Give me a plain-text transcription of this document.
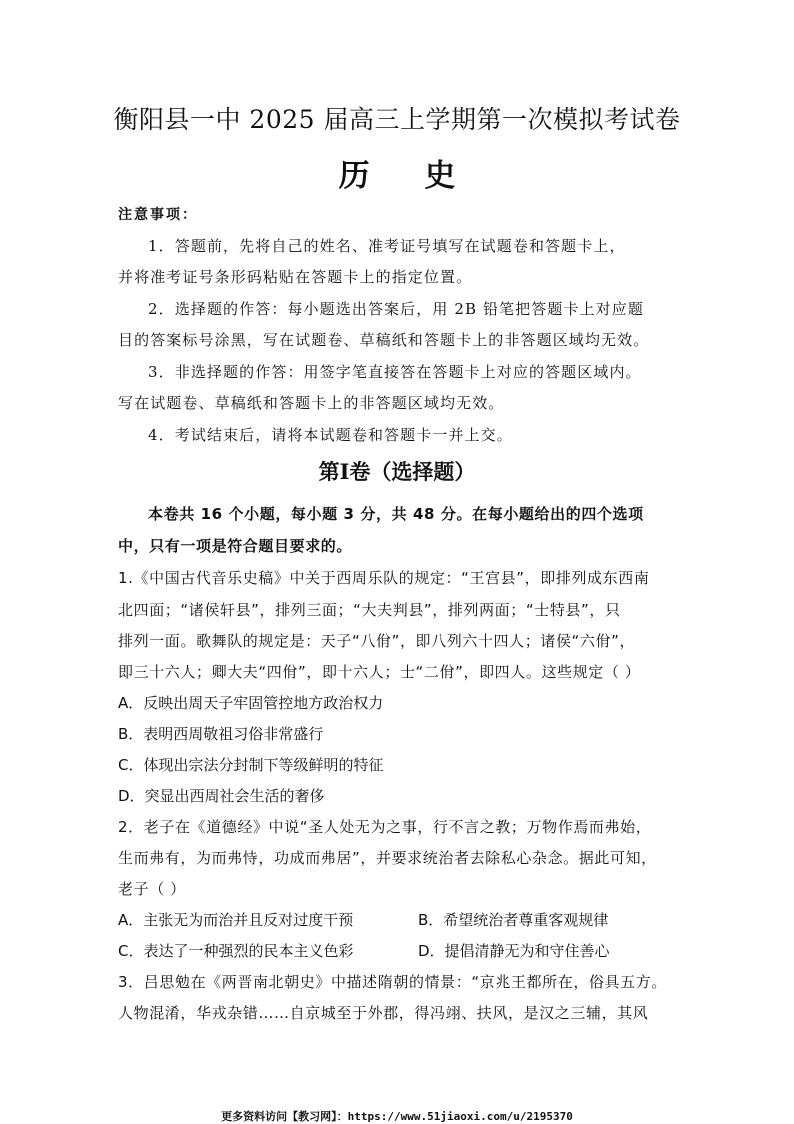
衡阳县一中 2025 届高三上学期第一次模拟考试卷
历 史
注意事项：
1．答题前，先将自己的姓名、准考证号填写在试题卷和答题卡上，
并将准考证号条形码粘贴在答题卡上的指定位置。
2．选择题的作答：每小题选出答案后，用 2B 铅笔把答题卡上对应题
目的答案标号涂黑，写在试题卷、草稿纸和答题卡上的非答题区域均无效。
3．非选择题的作答：用签字笔直接答在答题卡上对应的答题区域内。
写在试题卷、草稿纸和答题卡上的非答题区域均无效。
4．考试结束后，请将本试题卷和答题卡一并上交。
第Ⅰ卷（选择题）
本卷共 16 个小题，每小题 3 分，共 48 分。在每小题给出的四个选项
中，只有一项是符合题目要求的。
1.《中国古代音乐史稿》中关于西周乐队的规定：“王宫县”，即排列成东西南
北四面；“诸侯轩县”，排列三面；“大夫判县”，排列两面；“士特县”，只
排列一面。歌舞队的规定是：天子“八佾”，即八列六十四人；诸侯“六佾”，
即三十六人；卿大夫“四佾”，即十六人；士“二佾”，即四人。这些规定（ ）
A．反映出周天子牢固管控地方政治权力
B．表明西周敬祖习俗非常盛行
C．体现出宗法分封制下等级鲜明的特征
D．突显出西周社会生活的奢侈
2．老子在《道德经》中说“圣人处无为之事，行不言之教；万物作焉而弗始，
生而弗有，为而弗恃，功成而弗居”，并要求统治者去除私心杂念。据此可知，
老子（ ）
A．主张无为而治并且反对过度干预	B．希望统治者尊重客观规律
C．表达了一种强烈的民本主义色彩	D．提倡清静无为和守住善心
3．吕思勉在《两晋南北朝史》中描述隋朝的情景：“京兆王都所在，俗具五方。
人物混淆，华戎杂错……自京城至于外郡，得冯翊、扶风，是汉之三辅，其风
更多资料访问【教习网】：https://www.51jiaoxi.com/u/2195370
